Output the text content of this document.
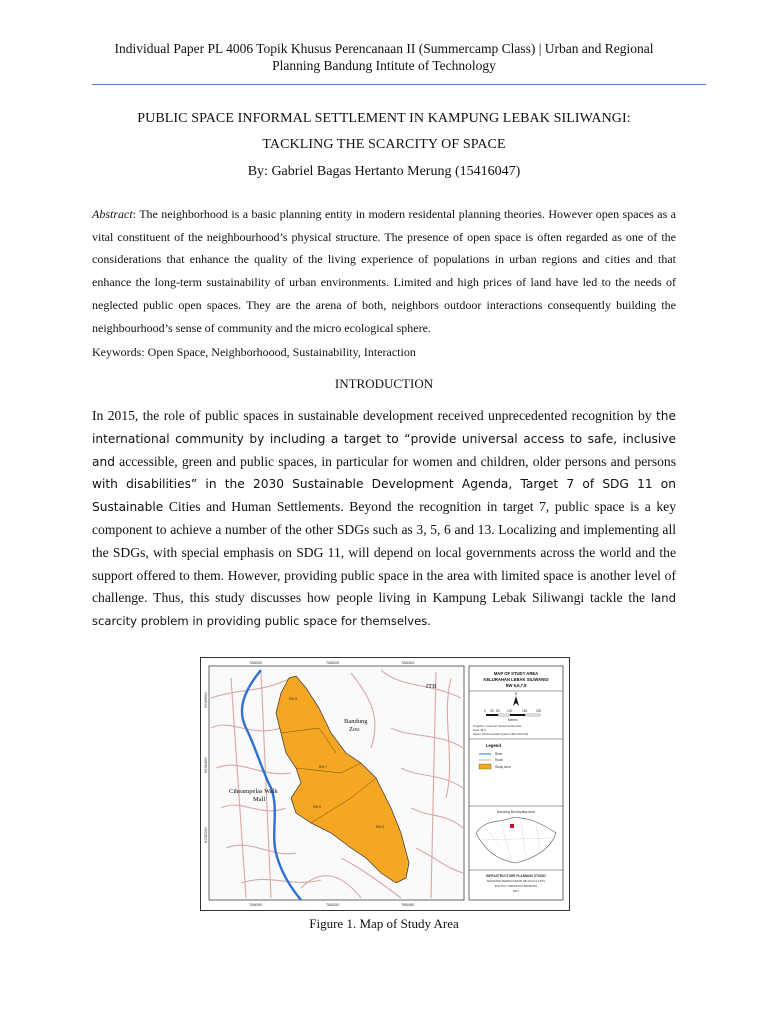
Individual Paper PL 4006 Topik Khusus Perencanaan II (Summercamp Class) | Urban and Regional
Planning Bandung Intitute of Technology
PUBLIC SPACE INFORMAL SETTLEMENT IN KAMPUNG LEBAK SILIWANGI:
TACKLING THE SCARCITY OF SPACE
By: Gabriel Bagas Hertanto Merung (15416047)
Abstract: The neighborhood is a basic planning entity in modern residental planning theories. However open spaces as a vital constituent of the neighbourhood’s physical structure. The presence of open space is often regarded as one of the considerations that enhance the quality of the living experience of populations in urban regions and cities and that enhance the long-term sustainability of urban environments. Limited and high prices of land have led to the needs of neglected public open spaces. They are the arena of both, neighbors outdoor interactions consequently building the neighbourhood’s sense of community and the micro ecological sphere.
Keywords: Open Space, Neighborhoood, Sustainability, Interaction
INTRODUCTION
In 2015, the role of public spaces in sustainable development received unprecedented recognition by the international community by including a target to “provide universal access to safe, inclusive and accessible, green and public spaces, in particular for women and children, older persons and persons with disabilities” in the 2030 Sustainable Development Agenda, Target 7 of SDG 11 on Sustainable Cities and Human Settlements. Beyond the recognition in target 7, public space is a key component to achieve a number of the other SDGs such as 3, 5, 6 and 13. Localizing and implementing all the SDGs, with special emphasis on SDG 11, will depend on local governments across the world and the support offered to them. However, providing public space in the area with limited space is another level of challenge. Thus, this study discusses how people living in Kampung Lebak Siliwangi tackle the land scarcity problem in providing public space for themselves.
ITB
Bandung
Zoo
Ciheampelas Walk
Mall
RW 8
RW 7
RW 6
RW 5
788000	788200	788400
788000	788200	788400
9236600
9236400
9236200
MAP OF STUDY AREA
KELURAHAN LEBAK SILIWANGI
RW 6,6,7,8
N
0 25 50 100	150	200
Meters
Projection: Universal Transverse Mercator
Zone: 48 S
Datum: World Geodetic System 1984 (WGS 84)
Legend
River
Road
Study Area
Bandung Municipality Area
INFRASTRUCTURE PLANNING STUDIO
MAGISTER PERENCANAAN WILAYAH & KOTA
INSTITUT TEKNOLOGI BANDUNG
2017
Figure 1. Map of Study Area
